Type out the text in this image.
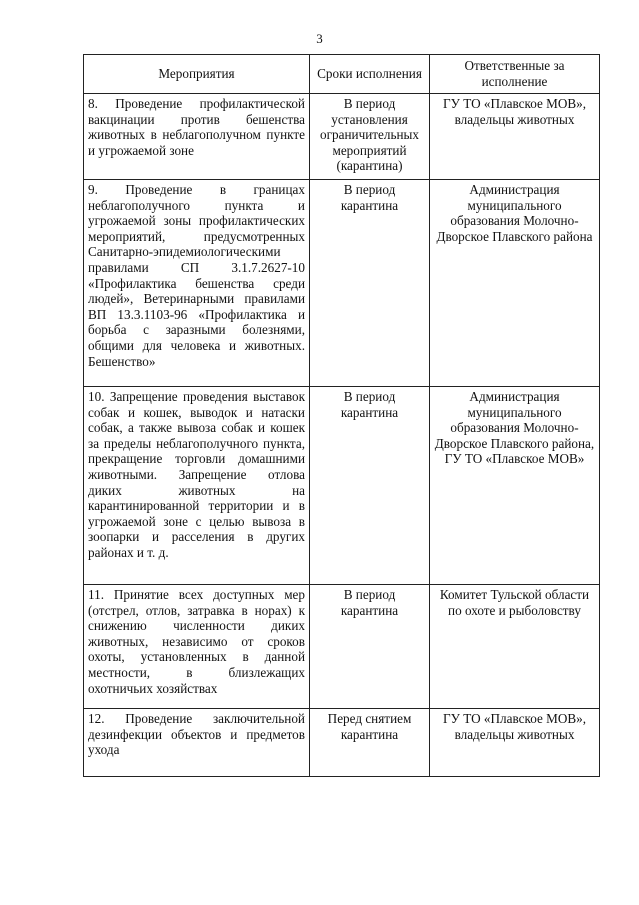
3
Мероприятия	Сроки исполнения	Ответственные за исполнение
8. Проведение профилактической вакцинации против бешенства животных в неблагополучном пункте и угрожаемой зоне	В период установления ограничительных мероприятий (карантина)	ГУ ТО «Плавское МОВ», владельцы животных
9. Проведение в границах неблагополучного пункта и угрожаемой зоны профилактических мероприятий, предусмотренных Санитарно-эпидемиологическими правилами СП 3.1.7.2627-10 «Профилактика бешенства среди людей», Ветеринарными правилами ВП 13.3.1103-96 «Профилактика и борьба с заразными болезнями, общими для человека и животных. Бешенство»	В период карантина	Администрация муниципального образования Молочно-Дворское Плавского района
10. Запрещение проведения выставок собак и кошек, выводок и натаски собак, а также вывоза собак и кошек за пределы неблагополучного пункта, прекращение торговли домашними животными. Запрещение отлова диких животных на карантинированной территории и в угрожаемой зоне с целью вывоза в зоопарки и расселения в других районах и т. д.	В период карантина	Администрация муниципального образования Молочно-Дворское Плавского района, ГУ ТО «Плавское МОВ»
11. Принятие всех доступных мер (отстрел, отлов, затравка в норах) к снижению численности диких животных, независимо от сроков охоты, установленных в данной местности, в близлежащих охотничьих хозяйствах	В период карантина	Комитет Тульской области по охоте и рыболовству
12. Проведение заключительной дезинфекции объектов и предметов ухода	Перед снятием карантина	ГУ ТО «Плавское МОВ», владельцы животных
